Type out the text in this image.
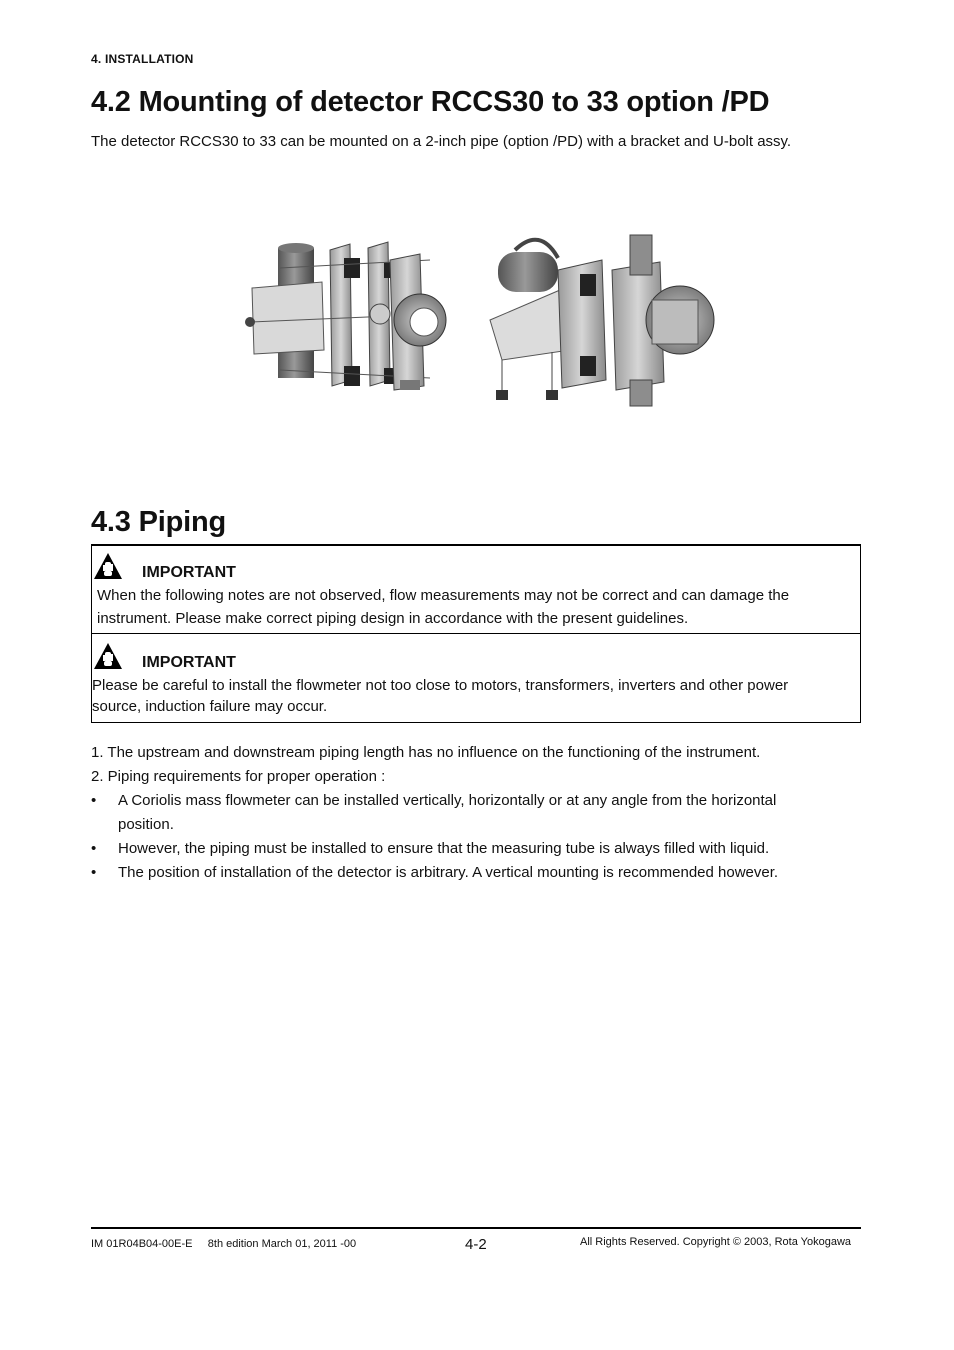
4. INSTALLATION
4.2 Mounting of detector RCCS30 to 33 option /PD
The detector RCCS30 to 33 can be mounted on a 2-inch pipe (option /PD) with a bracket and U-bolt assy.
4.3 Piping
IMPORTANT
When the following notes are not observed, flow measurements may not be correct and can damage the
instrument. Please make correct piping design in accordance with the present guidelines.
IMPORTANT
Please be careful to install the flowmeter not too close to motors, transformers, inverters and other power
source, induction failure may occur.
1. The upstream and downstream piping length has no influence on the functioning of the instrument.
2. Piping requirements for proper operation :
• A Coriolis mass flowmeter can be installed vertically, horizontally or at any angle from the horizontal
position.
• However, the piping must be installed to ensure that the measuring tube is always filled with liquid.
• The position of installation of the detector is arbitrary. A vertical mounting is recommended however.
IM 01R04B04-00E-E     8th edition March 01, 2011 -00	4-2	All Rights Reserved. Copyright © 2003, Rota Yokogawa
